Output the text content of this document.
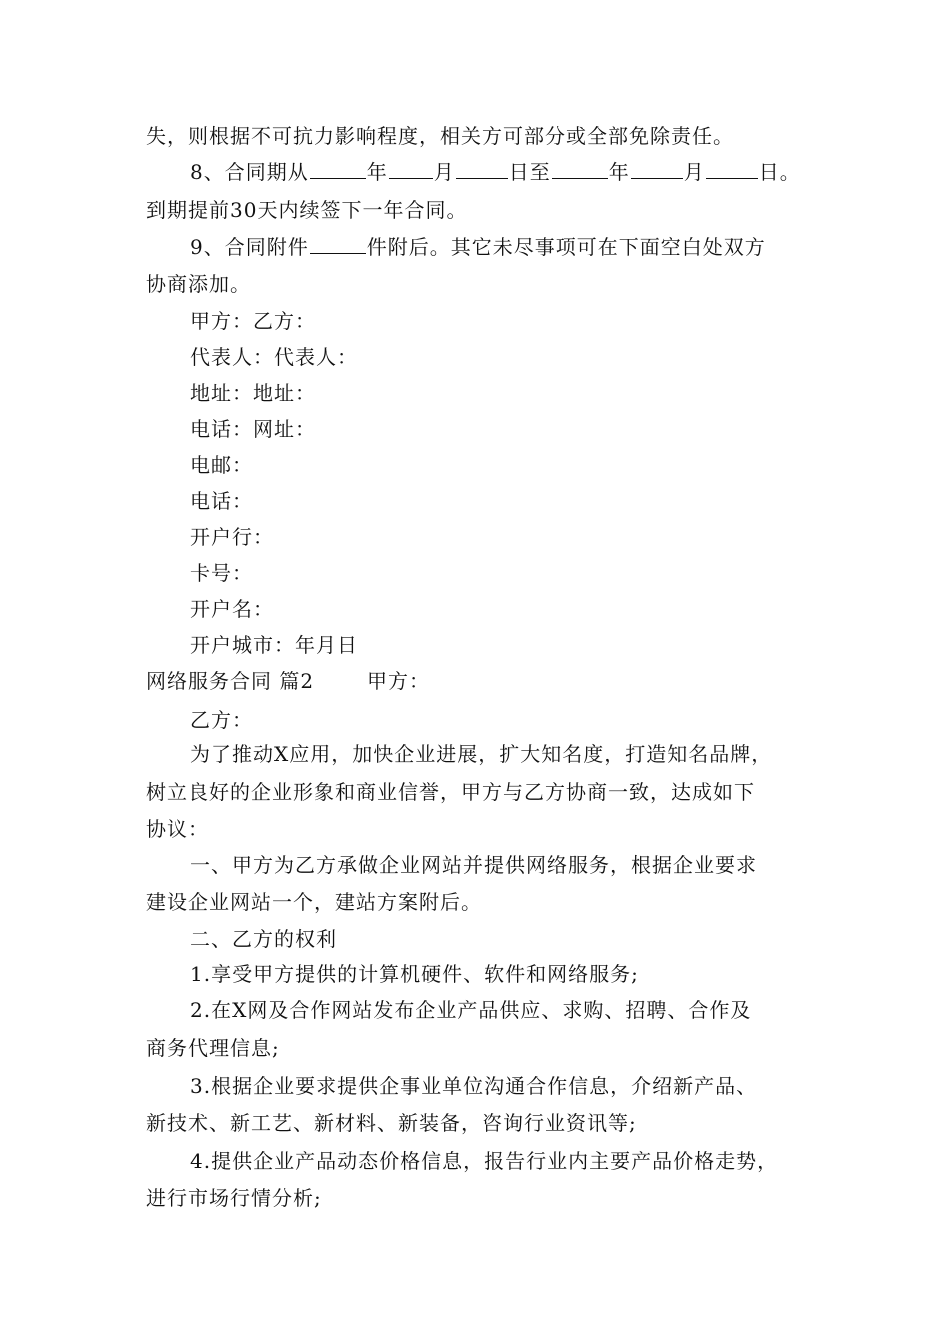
失，则根据不可抗力影响程度，相关方可部分或全部免除责任。
8、合同期从	年 月	日至	年	月	日。
到期提前30天内续签下一年合同。
9、合同附件	件附后。其它未尽事项可在下面空白处双方
协商添加。
甲方：乙方：
代表人：代表人：
地址：地址：
电话：网址：
电邮：
电话：
开户行：
卡号：
开户名：
开户城市：年月日
网络服务合同 篇2	甲方：
乙方：
为了推动X应用，加快企业进展，扩大知名度，打造知名品牌，
树立良好的企业形象和商业信誉，甲方与乙方协商一致，达成如下
协议：
一、甲方为乙方承做企业网站并提供网络服务，根据企业要求
建设企业网站一个，建站方案附后。
二、乙方的权利
1.享受甲方提供的计算机硬件、软件和网络服务;
2.在X网及合作网站发布企业产品供应、求购、招聘、合作及
商务代理信息;
3.根据企业要求提供企事业单位沟通合作信息，介绍新产品、
新技术、新工艺、新材料、新装备，咨询行业资讯等;
4.提供企业产品动态价格信息，报告行业内主要产品价格走势，
进行市场行情分析;
